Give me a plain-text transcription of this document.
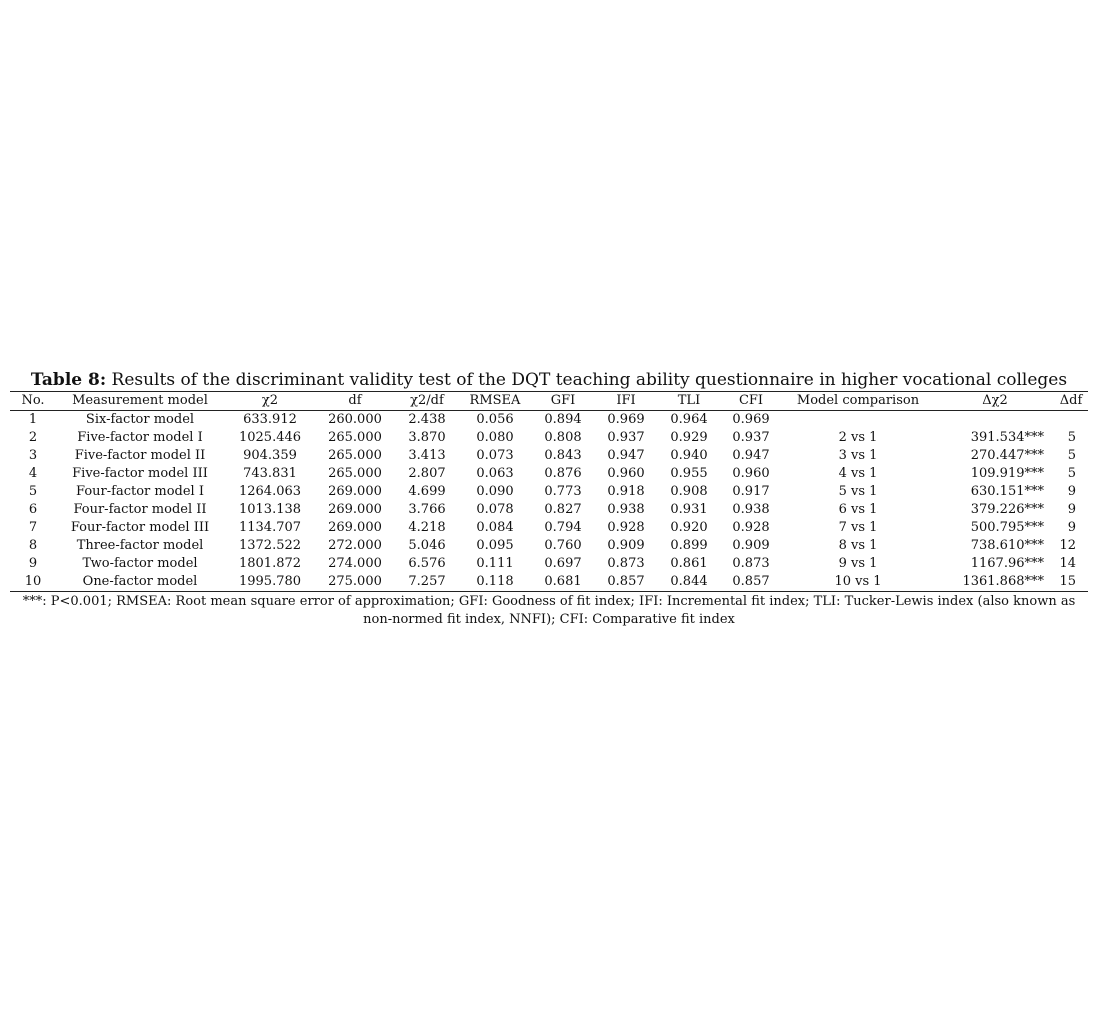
Table 8: Results of the discriminant validity test of the DQT teaching ability questionnaire in higher vocational colleges
No.	Measurement model	χ2	df	χ2/df	RMSEA	GFI	IFI	TLI	CFI	Model comparison	Δχ2	Δdf
1	Six-factor model	633.912	260.000	2.438	0.056	0.894	0.969	0.964	0.969			
2	Five-factor model I	1025.446	265.000	3.870	0.080	0.808	0.937	0.929	0.937	2 vs 1	391.534***	5
3	Five-factor model II	904.359	265.000	3.413	0.073	0.843	0.947	0.940	0.947	3 vs 1	270.447***	5
4	Five-factor model III	743.831	265.000	2.807	0.063	0.876	0.960	0.955	0.960	4 vs 1	109.919***	5
5	Four-factor model I	1264.063	269.000	4.699	0.090	0.773	0.918	0.908	0.917	5 vs 1	630.151***	9
6	Four-factor model II	1013.138	269.000	3.766	0.078	0.827	0.938	0.931	0.938	6 vs 1	379.226***	9
7	Four-factor model III	1134.707	269.000	4.218	0.084	0.794	0.928	0.920	0.928	7 vs 1	500.795***	9
8	Three-factor model	1372.522	272.000	5.046	0.095	0.760	0.909	0.899	0.909	8 vs 1	738.610***	12
9	Two-factor model	1801.872	274.000	6.576	0.111	0.697	0.873	0.861	0.873	9 vs 1	1167.96***	14
10	One-factor model	1995.780	275.000	7.257	0.118	0.681	0.857	0.844	0.857	10 vs 1	1361.868***	15
***: P<0.001; RMSEA: Root mean square error of approximation; GFI: Goodness of fit index; IFI: Incremental fit index; TLI: Tucker-Lewis index (also known as
non-normed fit index, NNFI); CFI: Comparative fit index
